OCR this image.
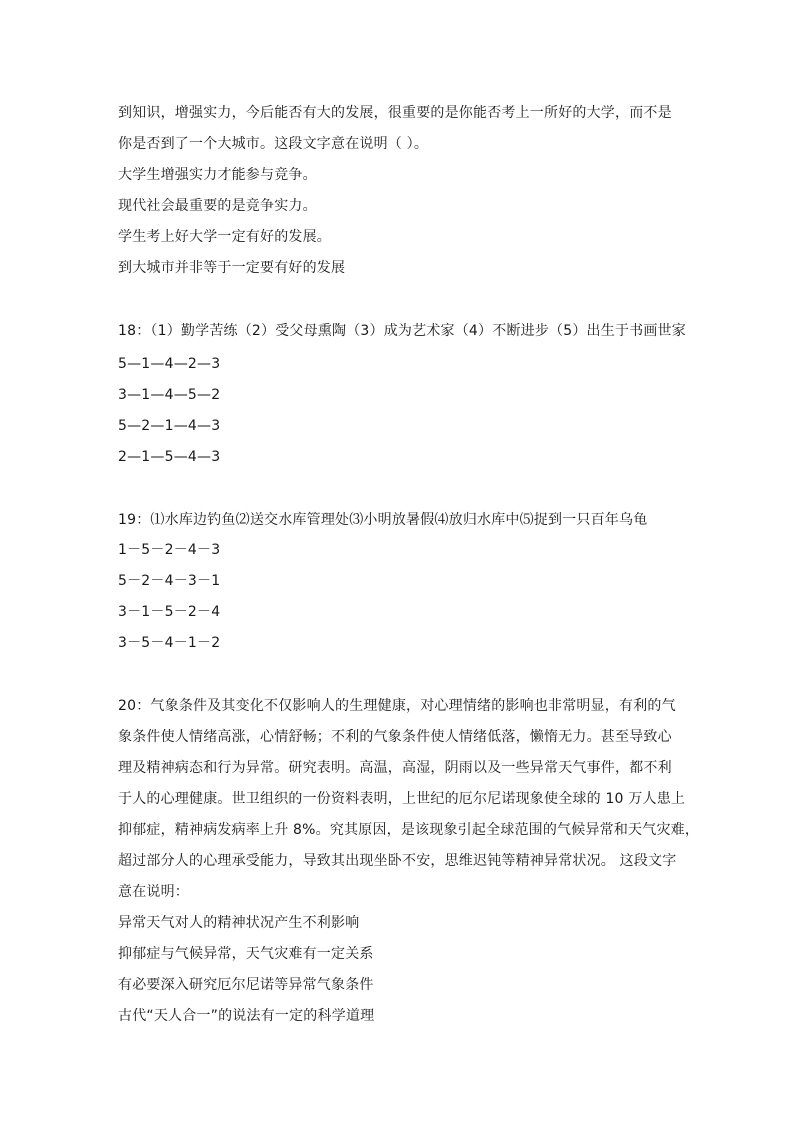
到知识，增强实力，今后能否有大的发展，很重要的是你能否考上一所好的大学，而不是
你是否到了一个大城市。这段文字意在说明（ ）。
大学生增强实力才能参与竞争。
现代社会最重要的是竞争实力。
学生考上好大学一定有好的发展。
到大城市并非等于一定要有好的发展
18：（1）勤学苦练（2）受父母熏陶（3）成为艺术家（4）不断进步（5）出生于书画世家
5—1—4—2—3
3—1—4—5—2
5—2—1—4—3
2—1—5—4—3
19：⑴水库边钓鱼⑵送交水库管理处⑶小明放暑假⑷放归水库中⑸捉到一只百年乌龟
1－5－2－4－3
5－2－4－3－1
3－1－5－2－4
3－5－4－1－2
20：气象条件及其变化不仅影响人的生理健康，对心理情绪的影响也非常明显，有利的气
象条件使人情绪高涨，心情舒畅；不利的气象条件使人情绪低落，懒惰无力。甚至导致心
理及精神病态和行为异常。研究表明。高温，高湿，阴雨以及一些异常天气事件，都不利
于人的心理健康。世卫组织的一份资料表明，上世纪的厄尔尼诺现象使全球的 10 万人患上
抑郁症，精神病发病率上升 8%。究其原因，是该现象引起全球范围的气候异常和天气灾难，
超过部分人的心理承受能力，导致其出现坐卧不安，思维迟钝等精神异常状况。 这段文字
意在说明：
异常天气对人的精神状况产生不利影响
抑郁症与气候异常，天气灾难有一定关系
有必要深入研究厄尔尼诺等异常气象条件
古代“天人合一”的说法有一定的科学道理
